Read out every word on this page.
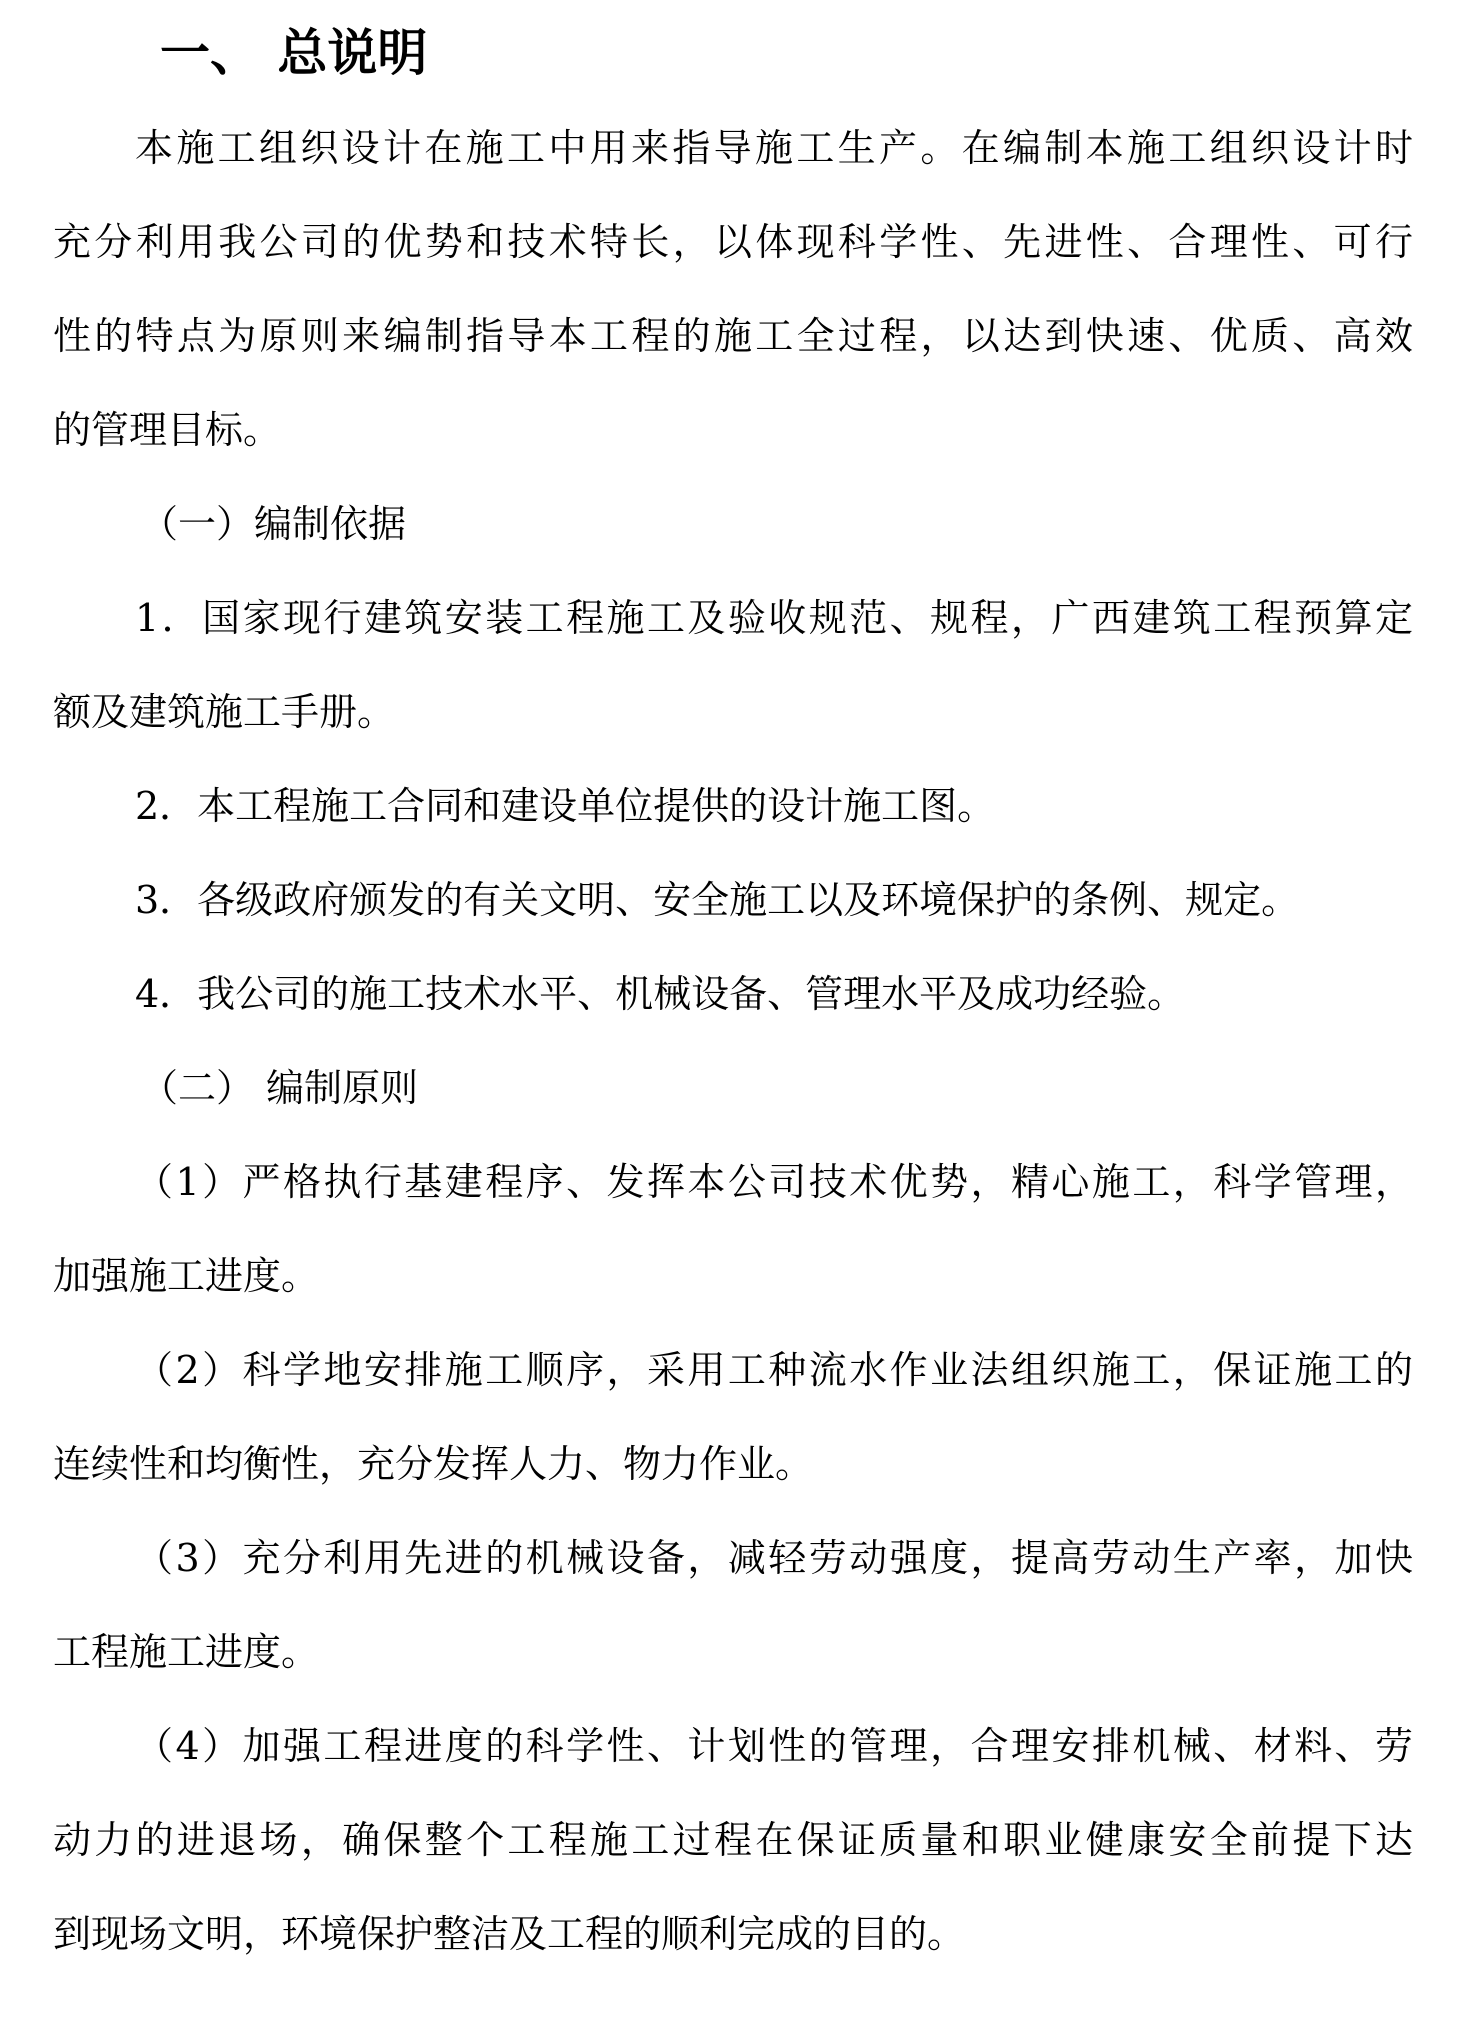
一、 总说明
本施工组织设计在施工中用来指导施工生产。在编制本施工组织设计时
充分利用我公司的优势和技术特长，以体现科学性、先进性、合理性、可行
性的特点为原则来编制指导本工程的施工全过程，以达到快速、优质、高效
的管理目标。
（一）编制依据
1．国家现行建筑安装工程施工及验收规范、规程，广西建筑工程预算定
额及建筑施工手册。
2．本工程施工合同和建设单位提供的设计施工图。
3．各级政府颁发的有关文明、安全施工以及环境保护的条例、规定。
4．我公司的施工技术水平、机械设备、管理水平及成功经验。
（二） 编制原则
（1）严格执行基建程序、发挥本公司技术优势，精心施工，科学管理，
加强施工进度。
（2）科学地安排施工顺序，采用工种流水作业法组织施工，保证施工的
连续性和均衡性，充分发挥人力、物力作业。
（3）充分利用先进的机械设备，减轻劳动强度，提高劳动生产率，加快
工程施工进度。
（4）加强工程进度的科学性、计划性的管理，合理安排机械、材料、劳
动力的进退场，确保整个工程施工过程在保证质量和职业健康安全前提下达
到现场文明，环境保护整洁及工程的顺利完成的目的。
